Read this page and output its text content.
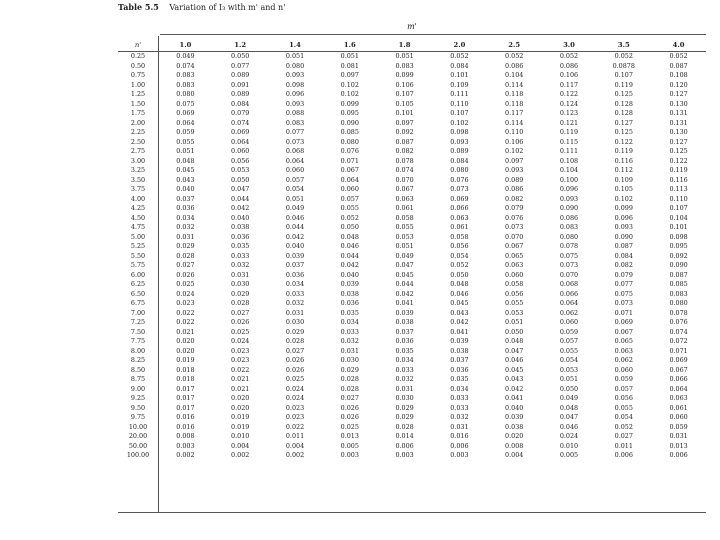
Table 5.5 Variation of I₃ with m' and n'
m'
n'	1.0	1.2	1.4	1.6	1.8	2.0	2.5	3.0	3.5	4.0
0.25	0.049	0.050	0.051	0.051	0.051	0.052	0.052	0.052	0.052	0.052
0.50	0.074	0.077	0.080	0.081	0.083	0.084	0.086	0.086	0.0878	0.087
0.75	0.083	0.089	0.093	0.097	0.099	0.101	0.104	0.106	0.107	0.108
1.00	0.083	0.091	0.098	0.102	0.106	0.109	0.114	0.117	0.119	0.120
1.25	0.080	0.089	0.096	0.102	0.107	0.111	0.118	0.122	0.125	0.127
1.50	0.075	0.084	0.093	0.099	0.105	0.110	0.118	0.124	0.128	0.130
1.75	0.069	0.079	0.088	0.095	0.101	0.107	0.117	0.123	0.128	0.131
2.00	0.064	0.074	0.083	0.090	0.097	0.102	0.114	0.121	0.127	0.131
2.25	0.059	0.069	0.077	0.085	0.092	0.098	0.110	0.119	0.125	0.130
2.50	0.055	0.064	0.073	0.080	0.087	0.093	0.106	0.115	0.122	0.127
2.75	0.051	0.060	0.068	0.076	0.082	0.089	0.102	0.111	0.119	0.125
3.00	0.048	0.056	0.064	0.071	0.078	0.084	0.097	0.108	0.116	0.122
3.25	0.045	0.053	0.060	0.067	0.074	0.080	0.093	0.104	0.112	0.119
3.50	0.043	0.050	0.057	0.064	0.070	0.076	0.089	0.100	0.109	0.116
3.75	0.040	0.047	0.054	0.060	0.067	0.073	0.086	0.096	0.105	0.113
4.00	0.037	0.044	0.051	0.057	0.063	0.069	0.082	0.093	0.102	0.110
4.25	0.036	0.042	0.049	0.055	0.061	0.066	0.079	0.090	0.099	0.107
4.50	0.034	0.040	0.046	0.052	0.058	0.063	0.076	0.086	0.096	0.104
4.75	0.032	0.038	0.044	0.050	0.055	0.061	0.073	0.083	0.093	0.101
5.00	0.031	0.036	0.042	0.048	0.053	0.058	0.070	0.080	0.090	0.098
5.25	0.029	0.035	0.040	0.046	0.051	0.056	0.067	0.078	0.087	0.095
5.50	0.028	0.033	0.039	0.044	0.049	0.054	0.065	0.075	0.084	0.092
5.75	0.027	0.032	0.037	0.042	0.047	0.052	0.063	0.073	0.082	0.090
6.00	0.026	0.031	0.036	0.040	0.045	0.050	0.060	0.070	0.079	0.087
6.25	0.025	0.030	0.034	0.039	0.044	0.048	0.058	0.068	0.077	0.085
6.50	0.024	0.029	0.033	0.038	0.042	0.046	0.056	0.066	0.075	0.083
6.75	0.023	0.028	0.032	0.036	0.041	0.045	0.055	0.064	0.073	0.080
7.00	0.022	0.027	0.031	0.035	0.039	0.043	0.053	0.062	0.071	0.078
7.25	0.022	0.026	0.030	0.034	0.038	0.042	0.051	0.060	0.069	0.076
7.50	0.021	0.025	0.029	0.033	0.037	0.041	0.050	0.059	0.067	0.074
7.75	0.020	0.024	0.028	0.032	0.036	0.039	0.048	0.057	0.065	0.072
8.00	0.020	0.023	0.027	0.031	0.035	0.038	0.047	0.055	0.063	0.071
8.25	0.019	0.023	0.026	0.030	0.034	0.037	0.046	0.054	0.062	0.069
8.50	0.018	0.022	0.026	0.029	0.033	0.036	0.045	0.053	0.060	0.067
8.75	0.018	0.021	0.025	0.028	0.032	0.035	0.043	0.051	0.059	0.066
9.00	0.017	0.021	0.024	0.028	0.031	0.034	0.042	0.050	0.057	0.064
9.25	0.017	0.020	0.024	0.027	0.030	0.033	0.041	0.049	0.056	0.063
9.50	0.017	0.020	0.023	0.026	0.029	0.033	0.040	0.048	0.055	0.061
9.75	0.016	0.019	0.023	0.026	0.029	0.032	0.039	0.047	0.054	0.060
10.00	0.016	0.019	0.022	0.025	0.028	0.031	0.038	0.046	0.052	0.059
20.00	0.008	0.010	0.011	0.013	0.014	0.016	0.020	0.024	0.027	0.031
50.00	0.003	0.004	0.004	0.005	0.006	0.006	0.008	0.010	0.011	0.013
100.00	0.002	0.002	0.002	0.003	0.003	0.003	0.004	0.005	0.006	0.006
